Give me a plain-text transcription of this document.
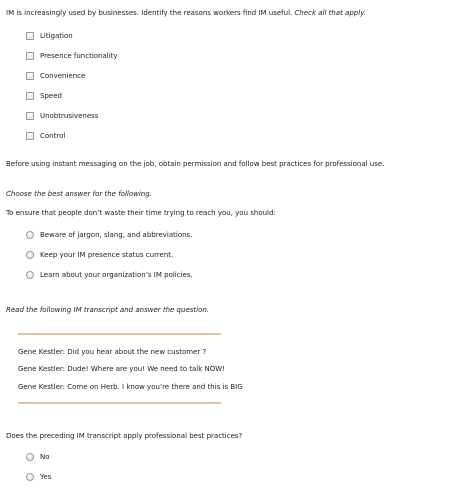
IM is increasingly used by businesses. Identify the reasons workers find IM useful. Check all that apply.
Litigation
Presence functionality
Convenience
Speed
Unobtrusiveness
Control
Before using instant messaging on the job, obtain permission and follow best practices for professional use.
Choose the best answer for the following.
To ensure that people don’t waste their time trying to reach you, you should:
Beware of jargon, slang, and abbreviations.
Keep your IM presence status current.
Learn about your organization’s IM policies.
Read the following IM transcript and answer the question.
Gene Kestler: Did you hear about the new customer ?
Gene Kestler: Dude! Where are you! We need to talk NOW!
Gene Kestler: Come on Herb. I know you’re there and this is BIG
Does the preceding IM transcript apply professional best practices?
No
Yes
